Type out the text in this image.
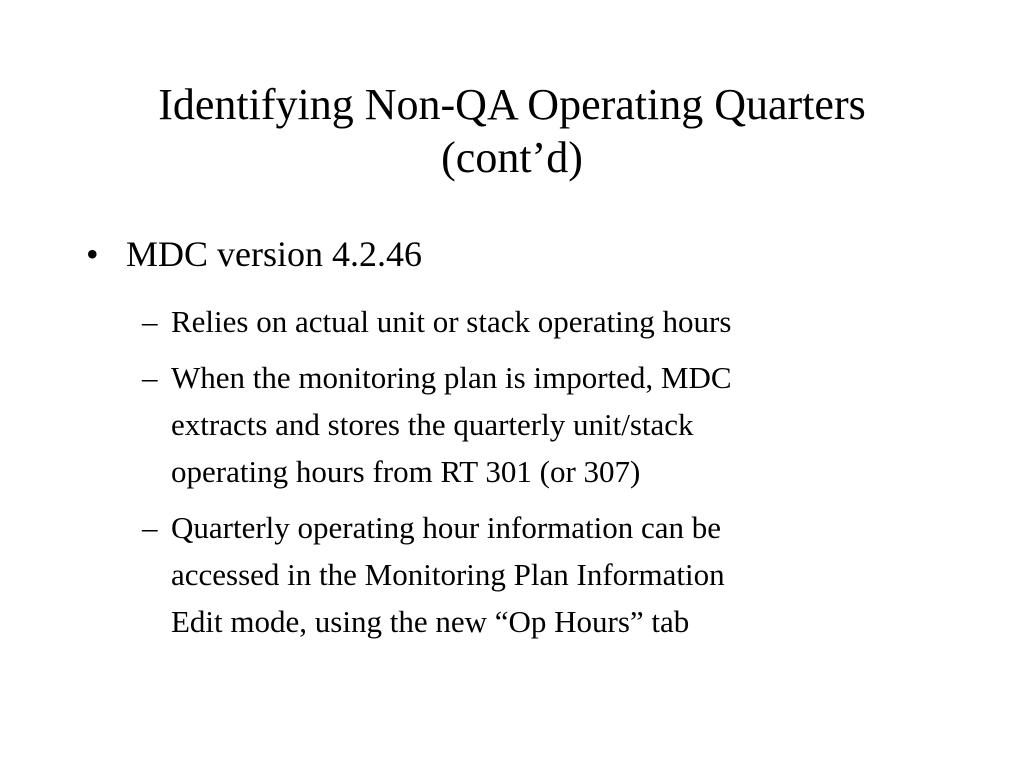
Identifying Non-QA Operating Quarters
(cont’d)

• MDC version 4.2.46

– Relies on actual unit or stack operating hours

– When the monitoring plan is imported, MDC
extracts and stores the quarterly unit/stack
operating hours from RT 301 (or 307)

– Quarterly operating hour information can be
accessed in the Monitoring Plan Information
Edit mode, using the new “Op Hours” tab
